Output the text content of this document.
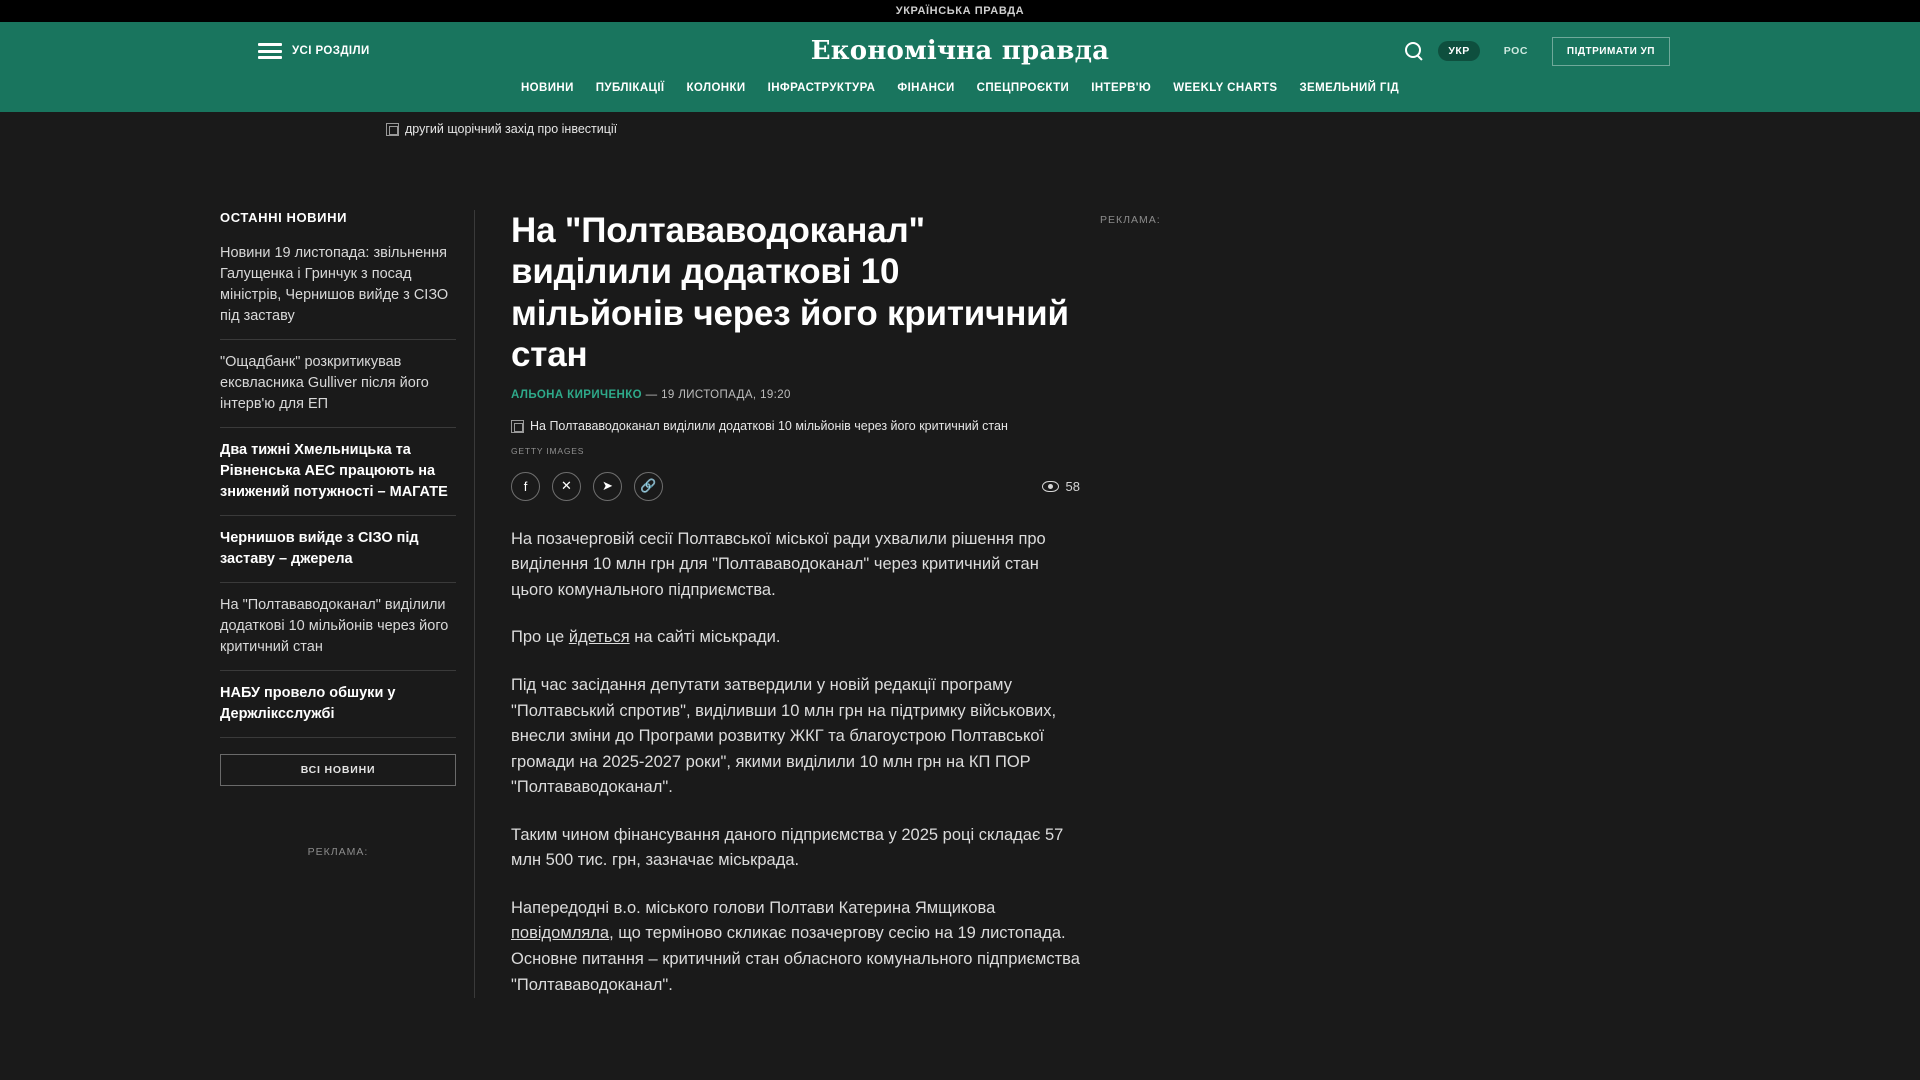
УКРАЇНСЬКА ПРАВДА
УСІ РОЗДІЛИ	Економічна правда	УКР	РОС	ПІДТРИМАТИ УП
НОВИНИ ПУБЛІКАЦІЇ КОЛОНКИ ІНФРАСТРУКТУРА ФІНАНСИ СПЕЦПРОЄКТИ ІНТЕРВ'Ю WEEKLY CHARTS ЗЕМЕЛЬНИЙ ГІД
другий щорічний захід про інвестиції
ОСТАННІ НОВИНИ
Новини 19 листопада: звільнення Галущенка і Гринчук з посад міністрів, Чернишов вийде з СІЗО під заставу
"Ощадбанк" розкритикував ексвласника Gulliver після його інтерв'ю для ЕП
Два тижні Хмельницька та Рівненська АЕС працюють на знижений потужності – МАГАТЕ
Чернишов вийде з СІЗО під заставу – джерела
На "Полтавaводоканал" виділили додаткові 10 мільйонів через його критичний стан
НАБУ провело обшуки у Держліксслужбі
ВСІ НОВИНИ
РЕКЛАМА:
На "Полтававодоканал" виділили додаткові 10 мільйонів через його критичний стан
АЛЬОНА КИРИЧЕНКО — 19 ЛИСТОПАДА, 19:20
На Полтававодоканал виділили додаткові 10 мільйонів через його критичний стан
GETTY IMAGES
f	✕	➤	🔗	58

На позачерговій сесії Полтавської міської ради ухвалили рішення про виділення 10 млн грн для "Полтававодоканал" через критичний стан цього комунального підприємства.

Про це йдеться на сайті міськради.

Під час засідання депутати затвердили у новій редакції програму "Полтавський спротив", виділивши 10 млн грн на підтримку військових, внесли зміни до Програми розвитку ЖКГ та благоустрою Полтавської громади на 2025-2027 роки", якими виділили 10 млн грн на КП ПОР "Полтававодоканал".

Таким чином фінансування даного підприємства у 2025 році складає 57 млн 500 тис. грн, зазначає міськрада.

Напередодні в.о. міського голови Полтави Катерина Ямщикова повідомляла, що терміново скликає позачергову сесію на 19 листопада. Основне питання – критичний стан обласного комунального підприємства "Полтававодоканал".

РЕКЛАМА:
